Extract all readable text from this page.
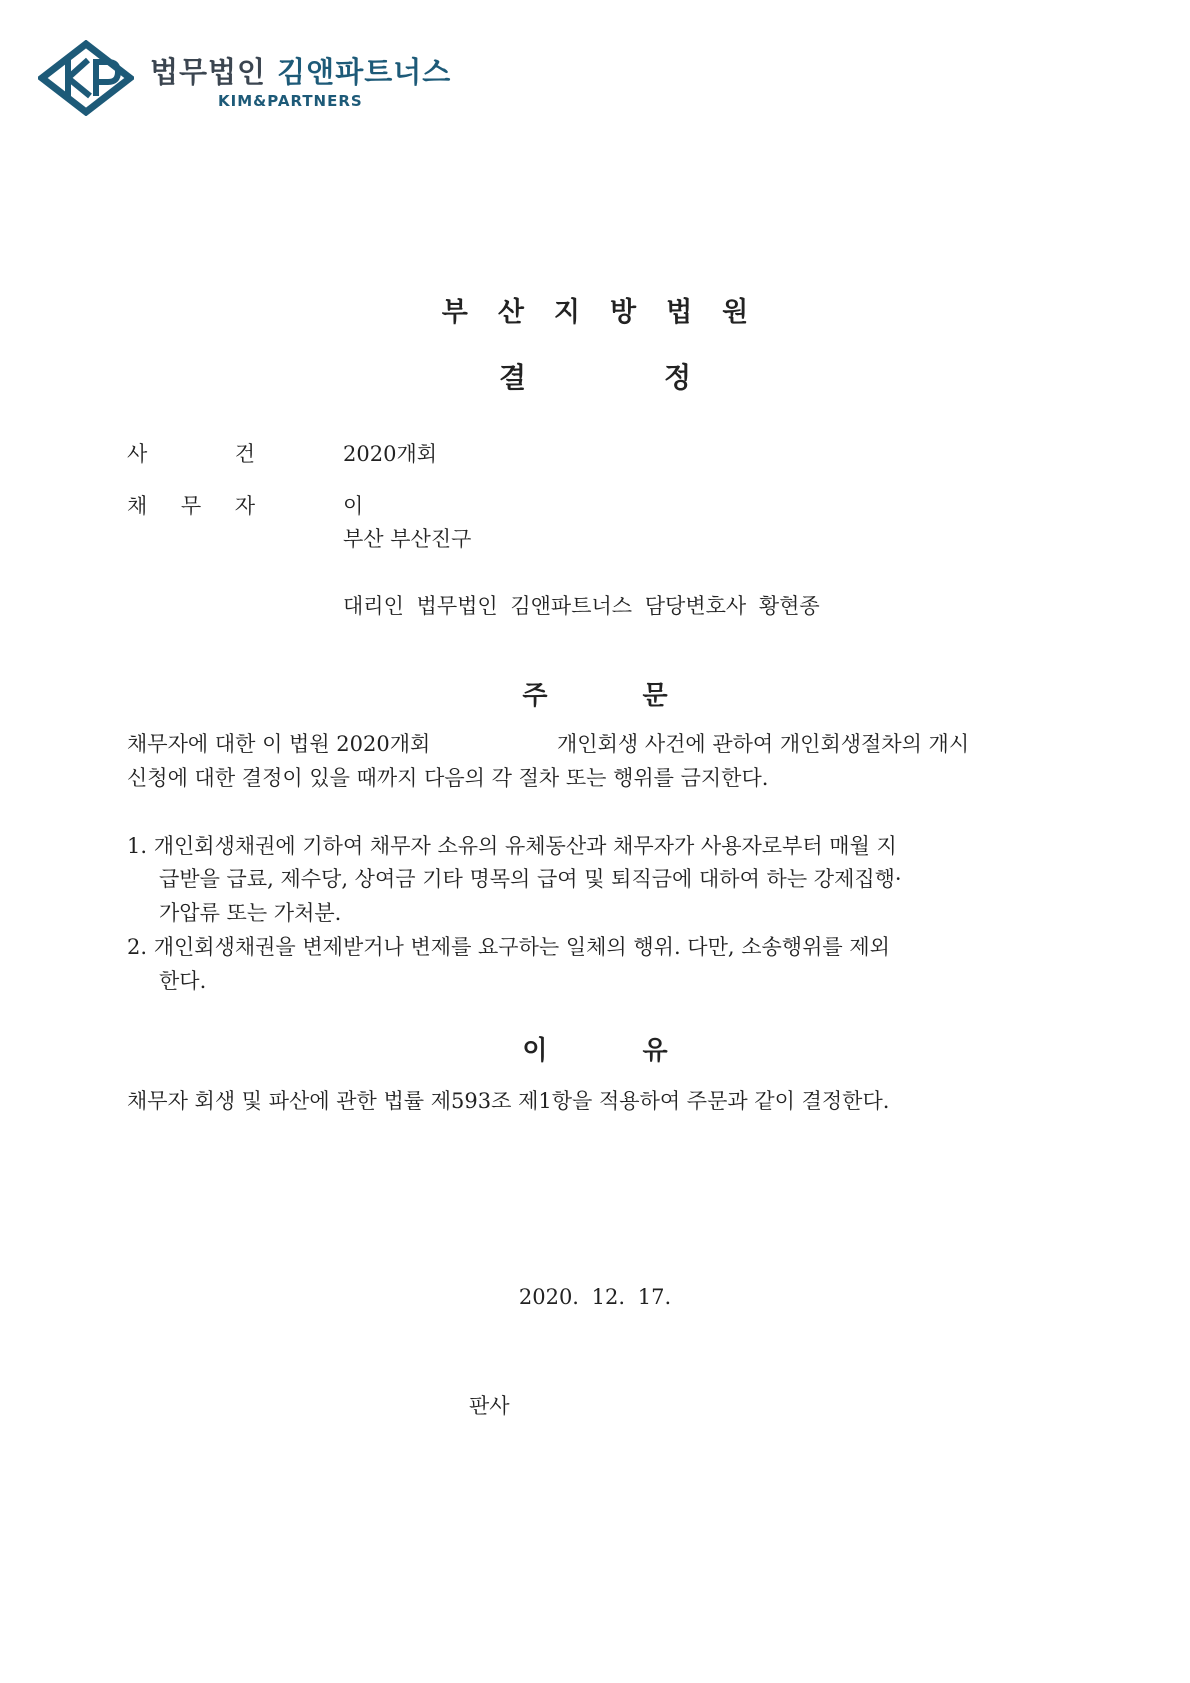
법무법인 김앤파트너스
KIM&PARTNERS
부산지방법원
결정
사	건	2020개회
채 무 자	이
부산 부산진구
대리인 법무법인 김앤파트너스 담당변호사 황현종
주문
채무자에 대한 이 법원 2020개회	개인회생 사건에 관하여 개인회생절차의 개시
신청에 대한 결정이 있을 때까지 다음의 각 절차 또는 행위를 금지한다.
1. 개인회생채권에 기하여 채무자 소유의 유체동산과 채무자가 사용자로부터 매월 지
급받을 급료, 제수당, 상여금 기타 명목의 급여 및 퇴직금에 대하여 하는 강제집행·
가압류 또는 가처분.
2. 개인회생채권을 변제받거나 변제를 요구하는 일체의 행위. 다만, 소송행위를 제외
한다.
이유
채무자 회생 및 파산에 관한 법률 제593조 제1항을 적용하여 주문과 같이 결정한다.
2020. 12. 17.
판사
